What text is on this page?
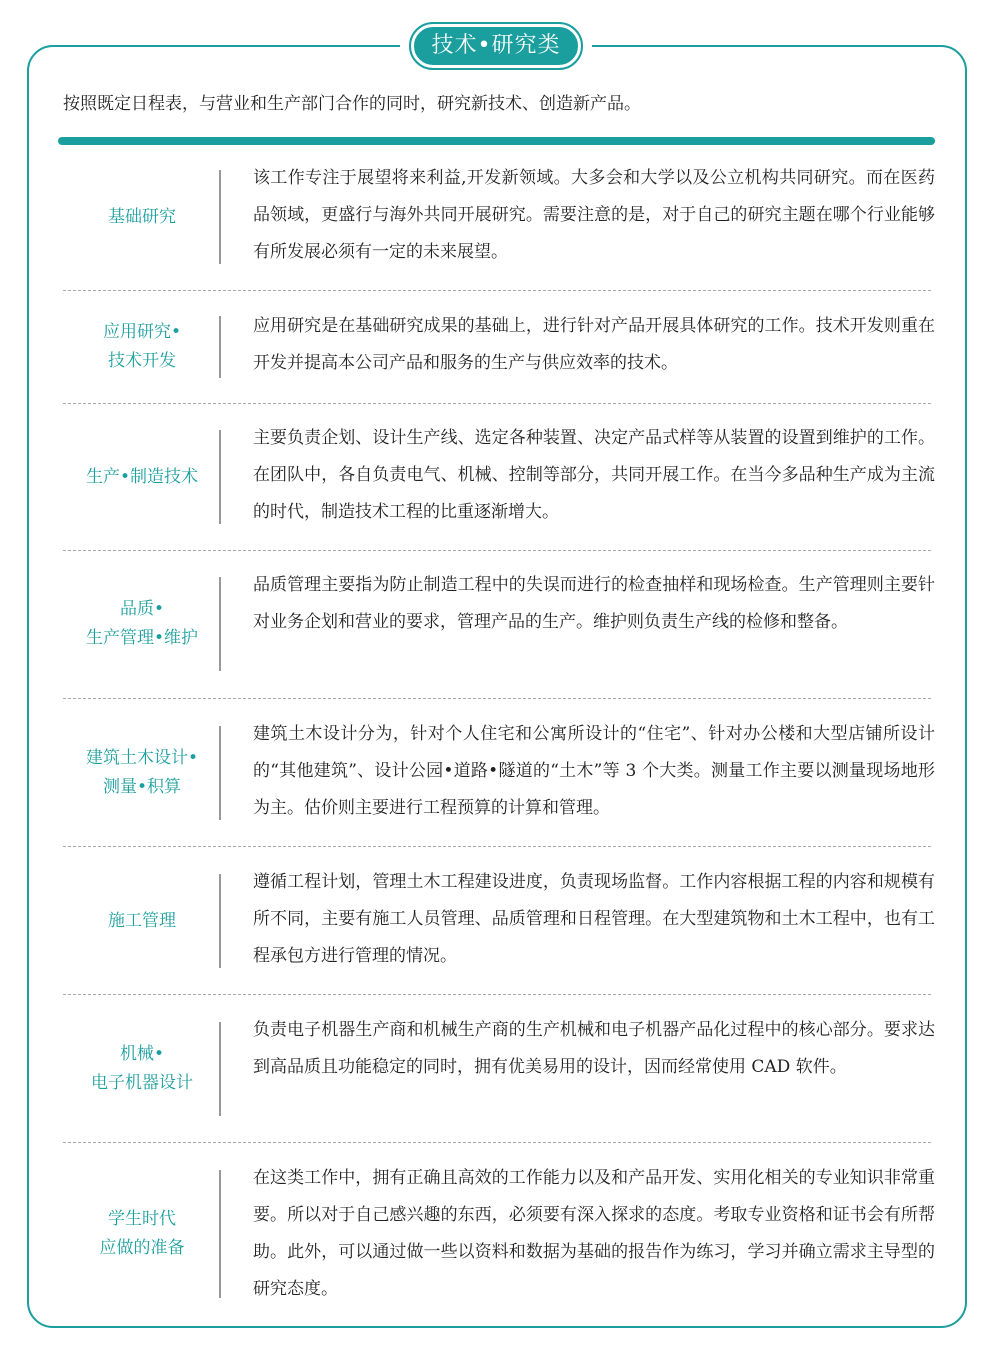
技术•研究类
按照既定日程表，与营业和生产部门合作的同时，研究新技术、创造新产品。
基础研究
该工作专注于展望将来利益,开发新领域。大多会和大学以及公立机构共同研究。而在医药品领域，更盛行与海外共同开展研究。需要注意的是，对于自己的研究主题在哪个行业能够有所发展必须有一定的未来展望。
应用研究•
技术开发
应用研究是在基础研究成果的基础上，进行针对产品开展具体研究的工作。技术开发则重在开发并提高本公司产品和服务的生产与供应效率的技术。
生产•制造技术
主要负责企划、设计生产线、选定各种装置、决定产品式样等从装置的设置到维护的工作。在团队中，各自负责电气、机械、控制等部分，共同开展工作。在当今多品种生产成为主流的时代，制造技术工程的比重逐渐增大。
品质•
生产管理•维护
品质管理主要指为防止制造工程中的失误而进行的检查抽样和现场检查。生产管理则主要针对业务企划和营业的要求，管理产品的生产。维护则负责生产线的检修和整备。
建筑土木设计•
测量•积算
建筑土木设计分为，针对个人住宅和公寓所设计的“住宅”、针对办公楼和大型店铺所设计的“其他建筑”、设计公园•道路•隧道的“土木”等 3 个大类。测量工作主要以测量现场地形为主。估价则主要进行工程预算的计算和管理。
施工管理
遵循工程计划，管理土木工程建设进度，负责现场监督。工作内容根据工程的内容和规模有所不同，主要有施工人员管理、品质管理和日程管理。在大型建筑物和土木工程中，也有工程承包方进行管理的情况。
机械•
电子机器设计
负责电子机器生产商和机械生产商的生产机械和电子机器产品化过程中的核心部分。要求达到高品质且功能稳定的同时，拥有优美易用的设计，因而经常使用 CAD 软件。
学生时代
应做的准备
在这类工作中，拥有正确且高效的工作能力以及和产品开发、实用化相关的专业知识非常重要。所以对于自己感兴趣的东西，必须要有深入探求的态度。考取专业资格和证书会有所帮助。此外，可以通过做一些以资料和数据为基础的报告作为练习，学习并确立需求主导型的研究态度。
